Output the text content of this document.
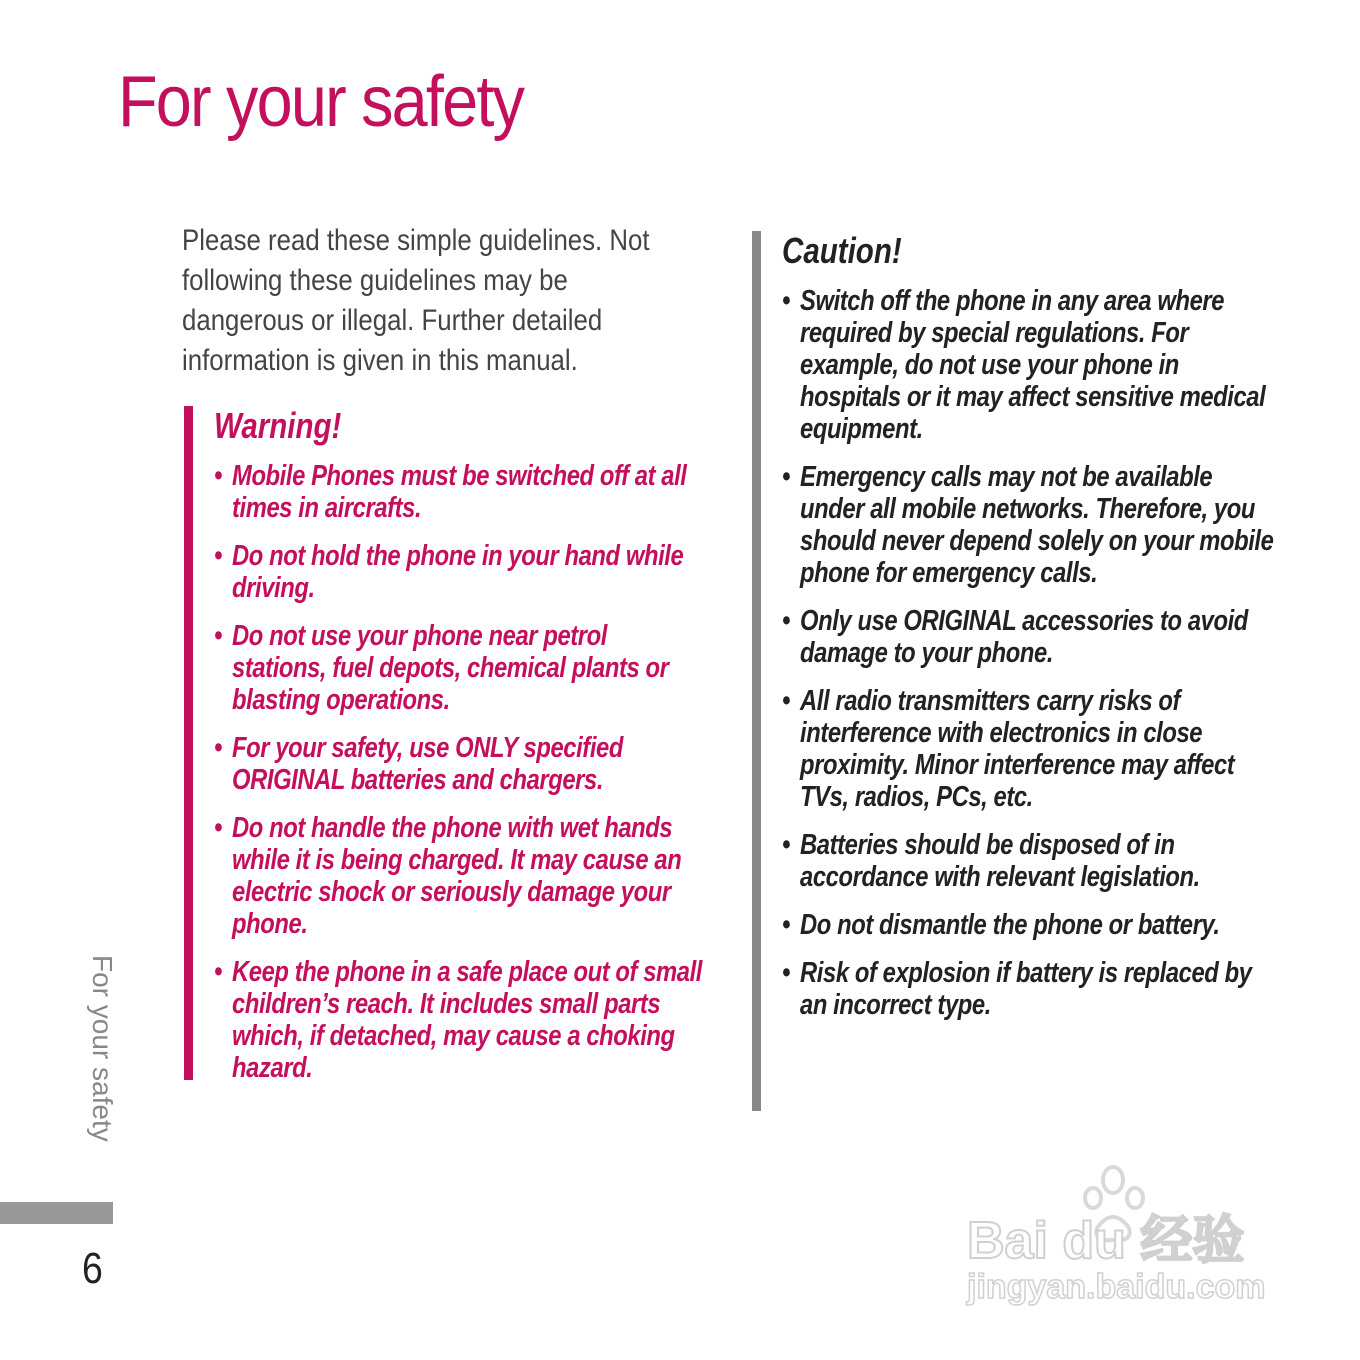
For your safety
Please read these simple guidelines. Not following these guidelines may be dangerous or illegal. Further detailed information is given in this manual.
Warning!
• Mobile Phones must be switched off at all times in aircrafts.
• Do not hold the phone in your hand while driving.
• Do not use your phone near petrol stations, fuel depots, chemical plants or blasting operations.
• For your safety, use ONLY specified ORIGINAL batteries and chargers.
• Do not handle the phone with wet hands while it is being charged. It may cause an electric shock or seriously damage your phone.
• Keep the phone in a safe place out of small children’s reach. It includes small parts which, if detached, may cause a choking hazard.
Caution!
• Switch off the phone in any area where required by special regulations. For example, do not use your phone in hospitals or it may affect sensitive medical equipment.
• Emergency calls may not be available under all mobile networks. Therefore, you should never depend solely on your mobile phone for emergency calls.
• Only use ORIGINAL accessories to avoid damage to your phone.
• All radio transmitters carry risks of interference with electronics in close proximity. Minor interference may affect TVs, radios, PCs, etc.
• Batteries should be disposed of in accordance with relevant legislation.
• Do not dismantle the phone or battery.
• Risk of explosion if battery is replaced by an incorrect type.
For your safety
6	Bai du 经验
jingyan.baidu.com
